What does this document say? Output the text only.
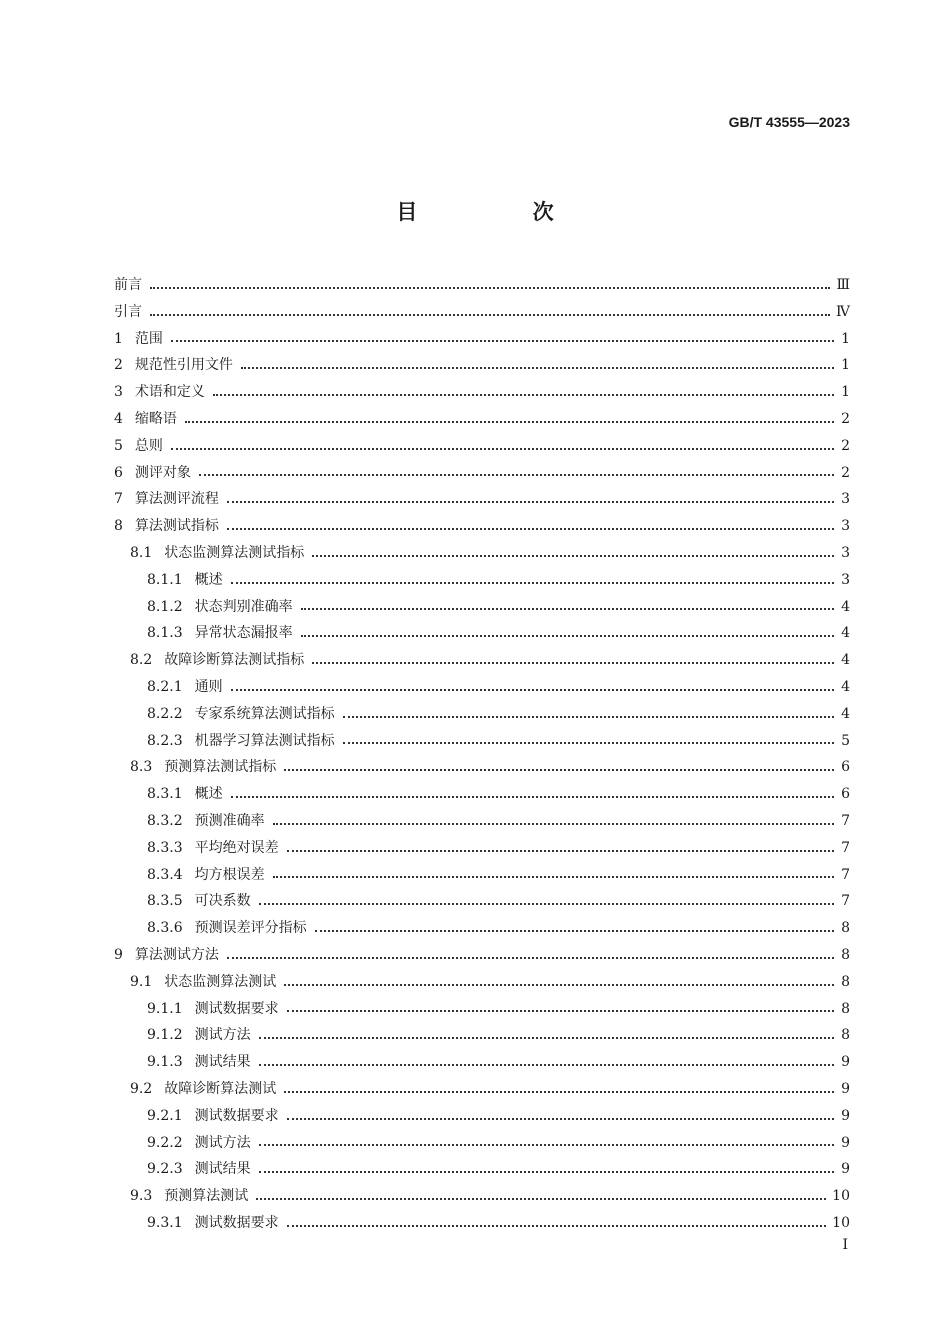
GB/T 43555—2023
目 次
前言	Ⅲ
引言	Ⅳ
1 范围	1
2 规范性引用文件	1
3 术语和定义	1
4 缩略语	2
5 总则	2
6 测评对象	2
7 算法测评流程	3
8 算法测试指标	3
8.1 状态监测算法测试指标	3
8.1.1 概述	3
8.1.2 状态判别准确率	4
8.1.3 异常状态漏报率	4
8.2 故障诊断算法测试指标	4
8.2.1 通则	4
8.2.2 专家系统算法测试指标	4
8.2.3 机器学习算法测试指标	5
8.3 预测算法测试指标	6
8.3.1 概述	6
8.3.2 预测准确率	7
8.3.3 平均绝对误差	7
8.3.4 均方根误差	7
8.3.5 可决系数	7
8.3.6 预测误差评分指标	8
9 算法测试方法	8
9.1 状态监测算法测试	8
9.1.1 测试数据要求	8
9.1.2 测试方法	8
9.1.3 测试结果	9
9.2 故障诊断算法测试	9
9.2.1 测试数据要求	9
9.2.2 测试方法	9
9.2.3 测试结果	9
9.3 预测算法测试	10
9.3.1 测试数据要求	10
Ⅰ
